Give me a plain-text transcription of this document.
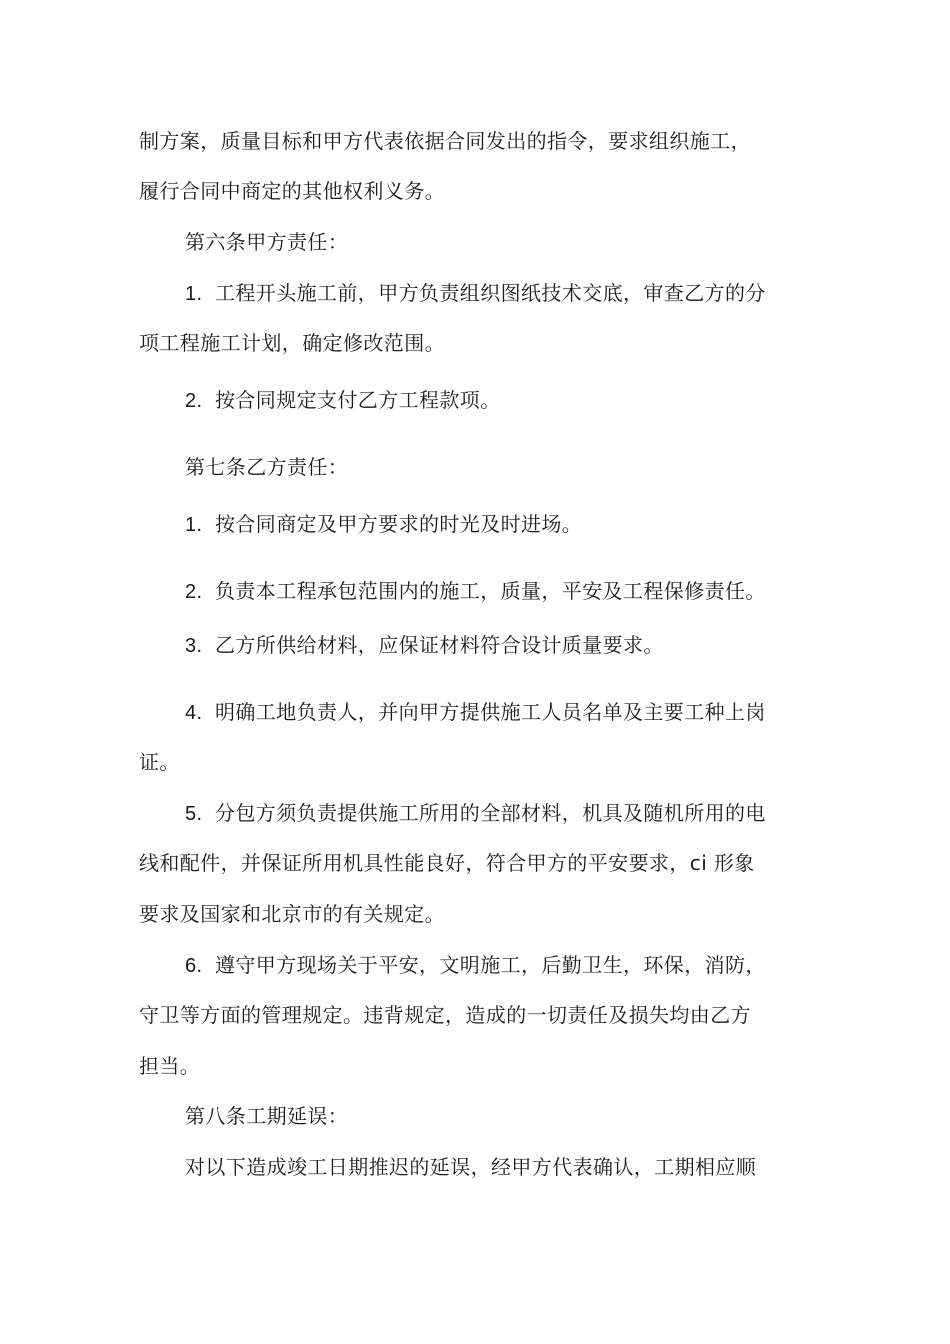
制方案，质量目标和甲方代表依据合同发出的指令，要求组织施工，
履行合同中商定的其他权利义务。
第六条甲方责任：
1. 工程开头施工前，甲方负责组织图纸技术交底，审查乙方的分
项工程施工计划，确定修改范围。
2. 按合同规定支付乙方工程款项。
第七条乙方责任：
1. 按合同商定及甲方要求的时光及时进场。
2. 负责本工程承包范围内的施工，质量，平安及工程保修责任。
3. 乙方所供给材料，应保证材料符合设计质量要求。
4. 明确工地负责人，并向甲方提供施工人员名单及主要工种上岗
证。
5. 分包方须负责提供施工所用的全部材料，机具及随机所用的电
线和配件，并保证所用机具性能良好，符合甲方的平安要求，ci 形象
要求及国家和北京市的有关规定。
6. 遵守甲方现场关于平安，文明施工，后勤卫生，环保，消防，
守卫等方面的管理规定。违背规定，造成的一切责任及损失均由乙方
担当。
第八条工期延误：
对以下造成竣工日期推迟的延误，经甲方代表确认，工期相应顺
